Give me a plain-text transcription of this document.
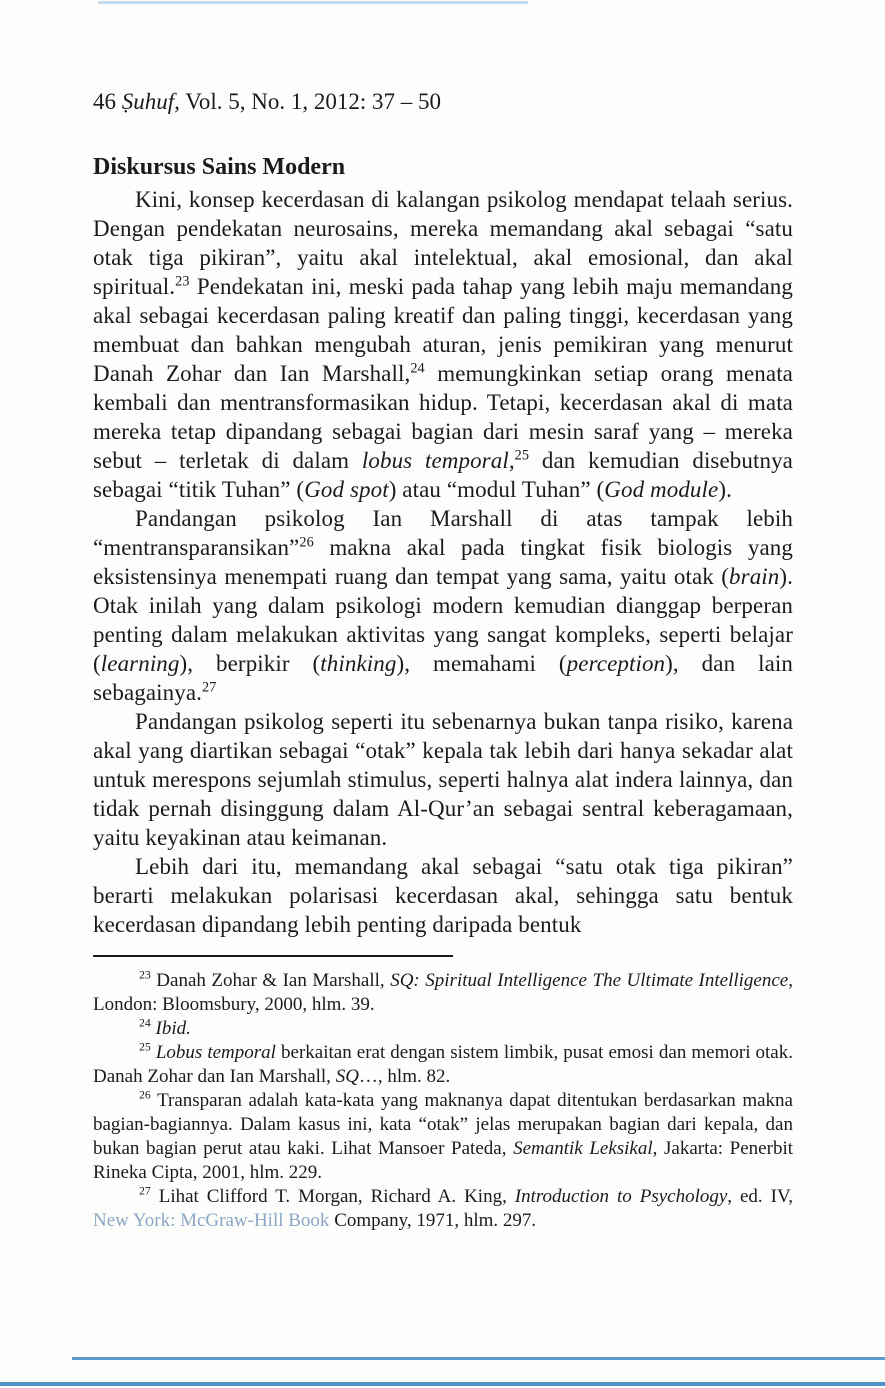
46 Ṣuhuf, Vol. 5, No. 1, 2012: 37 – 50
Diskursus Sains Modern

Kini, konsep kecerdasan di kalangan psikolog mendapat telaah serius. Dengan pendekatan neurosains, mereka memandang akal sebagai “satu otak tiga pikiran”, yaitu akal intelektual, akal emosional, dan akal spiritual.$^{23}$ Pendekatan ini, meski pada tahap yang lebih maju memandang akal sebagai kecerdasan paling kreatif dan paling tinggi, kecerdasan yang membuat dan bahkan mengubah aturan, jenis pemikiran yang menurut Danah Zohar dan Ian Marshall,$^{24}$ memungkinkan setiap orang menata kembali dan mentransformasikan hidup. Tetapi, kecerdasan akal di mata mereka tetap dipandang sebagai bagian dari mesin saraf yang – mereka sebut – terletak di dalam lobus temporal,$^{25}$ dan kemudian disebutnya sebagai “titik Tuhan” (God spot) atau “modul Tuhan” (God module).

Pandangan psikolog Ian Marshall di atas tampak lebih “mentransparansikan”$^{26}$ makna akal pada tingkat fisik biologis yang eksistensinya menempati ruang dan tempat yang sama, yaitu otak (brain). Otak inilah yang dalam psikologi modern kemudian dianggap berperan penting dalam melakukan aktivitas yang sangat kompleks, seperti belajar (learning), berpikir (thinking), memahami (perception), dan lain sebagainya.$^{27}$

Pandangan psikolog seperti itu sebenarnya bukan tanpa risiko, karena akal yang diartikan sebagai “otak” kepala tak lebih dari hanya sekadar alat untuk merespons sejumlah stimulus, seperti halnya alat indera lainnya, dan tidak pernah disinggung dalam Al-Qur’an sebagai sentral keberagamaan, yaitu keyakinan atau keimanan.

Lebih dari itu, memandang akal sebagai “satu otak tiga pikiran” berarti melakukan polarisasi kecerdasan akal, sehingga satu bentuk kecerdasan dipandang lebih penting daripada bentuk

$^{23}$ Danah Zohar & Ian Marshall, SQ: Spiritual Intelligence The Ultimate Intelligence, London: Bloomsbury, 2000, hlm. 39.

$^{24}$ Ibid.

$^{25}$ Lobus temporal berkaitan erat dengan sistem limbik, pusat emosi dan memori otak. Danah Zohar dan Ian Marshall, SQ…, hlm. 82.

$^{26}$ Transparan adalah kata-kata yang maknanya dapat ditentukan berdasarkan makna bagian-bagiannya. Dalam kasus ini, kata “otak” jelas merupakan bagian dari kepala, dan bukan bagian perut atau kaki. Lihat Mansoer Pateda, Semantik Leksikal, Jakarta: Penerbit Rineka Cipta, 2001, hlm. 229.

$^{27}$ Lihat Clifford T. Morgan, Richard A. King, Introduction to Psychology, ed. IV, New York: McGraw-Hill Book Company, 1971, hlm. 297.
